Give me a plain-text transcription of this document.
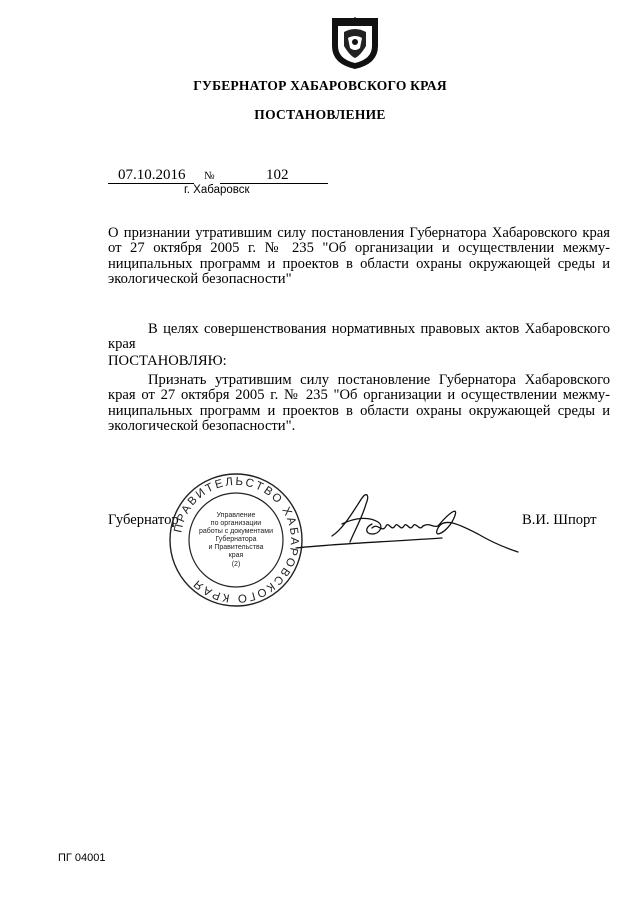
ГУБЕРНАТОР ХАБАРОВСКОГО КРАЯ
ПОСТАНОВЛЕНИЕ
07.10.2016 №	102
г. Хабаровск
О признании утратившим силу постановления Губернатора Хабаровского края от 27 октября 2005 г. № 235 "Об организации и осуществлении межму-ниципальных программ и проектов в области охраны окружающей среды и экологической безопасности"
В целях совершенствования нормативных правовых актов Хабаровского края
ПОСТАНОВЛЯЮ:
Признать утратившим силу постановление Губернатора Хабаровского края от 27 октября 2005 г. № 235 "Об организации и осуществлении межму-ниципальных программ и проектов в области охраны окружающей среды и экологической безопасности".
Губернатор	В.И. Шпорт
ПРАВИТЕЛЬСТВО ХАБАРОВСКОГО КРАЯ
Управление
по организации
работы с документами
Губернатора
и Правительства
края
(2)
ПГ 04001
